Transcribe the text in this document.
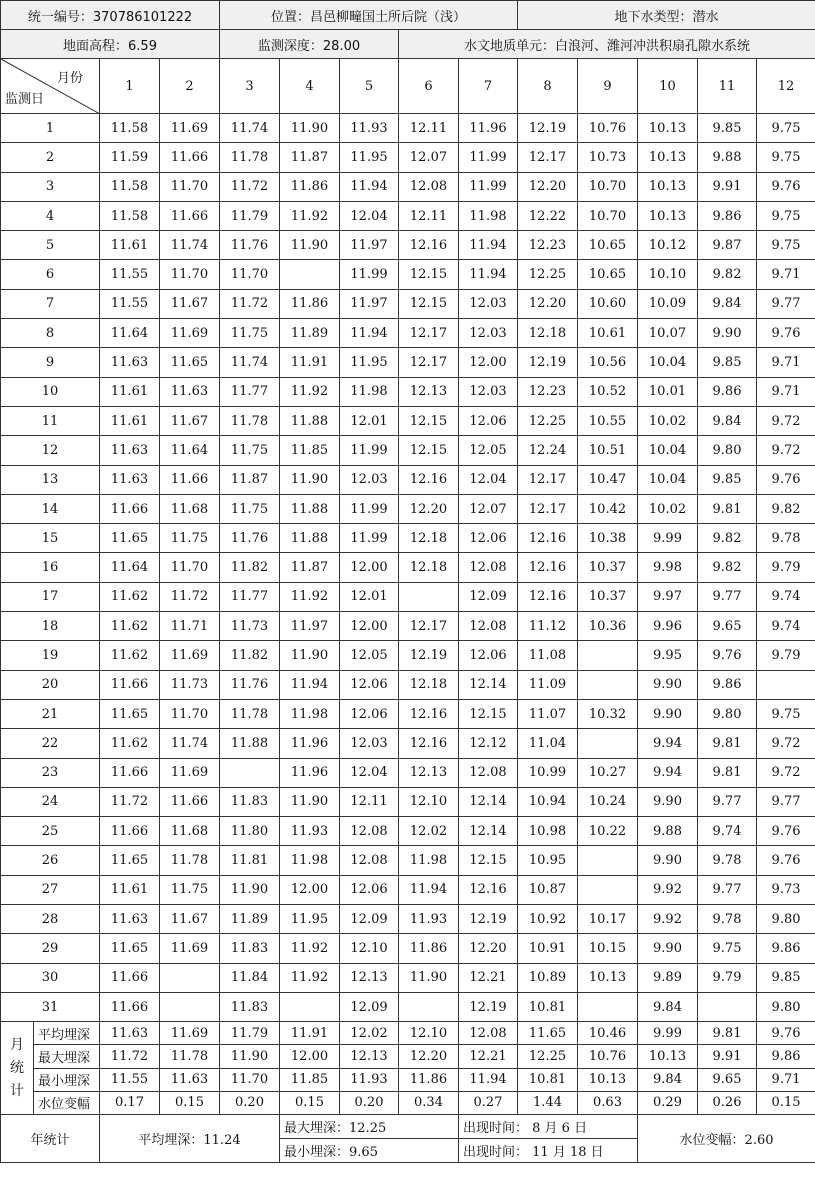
统一编号：370786101222				位置：昌邑柳疃国土所后院（浅）					地下水类型：潜水				
地面高程：6.59				监测深度：28.00			水文地质单元：白浪河、潍河冲洪积扇孔隙水系统						

月份
监测日		1	2	3	4	5	6	7	8	9	10	11	12
1		11.58	11.69	11.74	11.90	11.93	12.11	11.96	12.19	10.76	10.13	9.85	9.75
2		11.59	11.66	11.78	11.87	11.95	12.07	11.99	12.17	10.73	10.13	9.88	9.75
3		11.58	11.70	11.72	11.86	11.94	12.08	11.99	12.20	10.70	10.13	9.91	9.76
4		11.58	11.66	11.79	11.92	12.04	12.11	11.98	12.22	10.70	10.13	9.86	9.75
5		11.61	11.74	11.76	11.90	11.97	12.16	11.94	12.23	10.65	10.12	9.87	9.75
6		11.55	11.70	11.70		11.99	12.15	11.94	12.25	10.65	10.10	9.82	9.71
7		11.55	11.67	11.72	11.86	11.97	12.15	12.03	12.20	10.60	10.09	9.84	9.77
8		11.64	11.69	11.75	11.89	11.94	12.17	12.03	12.18	10.61	10.07	9.90	9.76
9		11.63	11.65	11.74	11.91	11.95	12.17	12.00	12.19	10.56	10.04	9.85	9.71
10		11.61	11.63	11.77	11.92	11.98	12.13	12.03	12.23	10.52	10.01	9.86	9.71
11		11.61	11.67	11.78	11.88	12.01	12.15	12.06	12.25	10.55	10.02	9.84	9.72
12		11.63	11.64	11.75	11.85	11.99	12.15	12.05	12.24	10.51	10.04	9.80	9.72
13		11.63	11.66	11.87	11.90	12.03	12.16	12.04	12.17	10.47	10.04	9.85	9.76
14		11.66	11.68	11.75	11.88	11.99	12.20	12.07	12.17	10.42	10.02	9.81	9.82
15		11.65	11.75	11.76	11.88	11.99	12.18	12.06	12.16	10.38	9.99	9.82	9.78
16		11.64	11.70	11.82	11.87	12.00	12.18	12.08	12.16	10.37	9.98	9.82	9.79
17		11.62	11.72	11.77	11.92	12.01		12.09	12.16	10.37	9.97	9.77	9.74
18		11.62	11.71	11.73	11.97	12.00	12.17	12.08	11.12	10.36	9.96	9.65	9.74
19		11.62	11.69	11.82	11.90	12.05	12.19	12.06	11.08		9.95	9.76	9.79
20		11.66	11.73	11.76	11.94	12.06	12.18	12.14	11.09		9.90	9.86	
21		11.65	11.70	11.78	11.98	12.06	12.16	12.15	11.07	10.32	9.90	9.80	9.75
22		11.62	11.74	11.88	11.96	12.03	12.16	12.12	11.04		9.94	9.81	9.72
23		11.66	11.69		11.96	12.04	12.13	12.08	10.99	10.27	9.94	9.81	9.72
24		11.72	11.66	11.83	11.90	12.11	12.10	12.14	10.94	10.24	9.90	9.77	9.77
25		11.66	11.68	11.80	11.93	12.08	12.02	12.14	10.98	10.22	9.88	9.74	9.76
26		11.65	11.78	11.81	11.98	12.08	11.98	12.15	10.95		9.90	9.78	9.76
27		11.61	11.75	11.90	12.00	12.06	11.94	12.16	10.87		9.92	9.77	9.73
28		11.63	11.67	11.89	11.95	12.09	11.93	12.19	10.92	10.17	9.92	9.78	9.80
29		11.65	11.69	11.83	11.92	12.10	11.86	12.20	10.91	10.15	9.90	9.75	9.86
30		11.66		11.84	11.92	12.13	11.90	12.21	10.89	10.13	9.89	9.79	9.85
31		11.66		11.83		12.09		12.19	10.81		9.84		9.80

月统计	平均埋深	11.63	11.69	11.79	11.91	12.02	12.10	12.08	11.65	10.46	9.99	9.81	9.76
	最大埋深	11.72	11.78	11.90	12.00	12.13	12.20	12.21	12.25	10.76	10.13	9.91	9.86
	最小埋深	11.55	11.63	11.70	11.85	11.93	11.86	11.94	10.81	10.13	9.84	9.65	9.71
	水位变幅	0.17	0.15	0.20	0.15	0.20	0.34	0.27	1.44	0.63	0.29	0.26	0.15
年统计		平均埋深：11.24			最大埋深：12.25			出现时间： 8 月 6 日			水位变幅：2.60		
					最小埋深：9.65			出现时间： 11 月 18 日					
